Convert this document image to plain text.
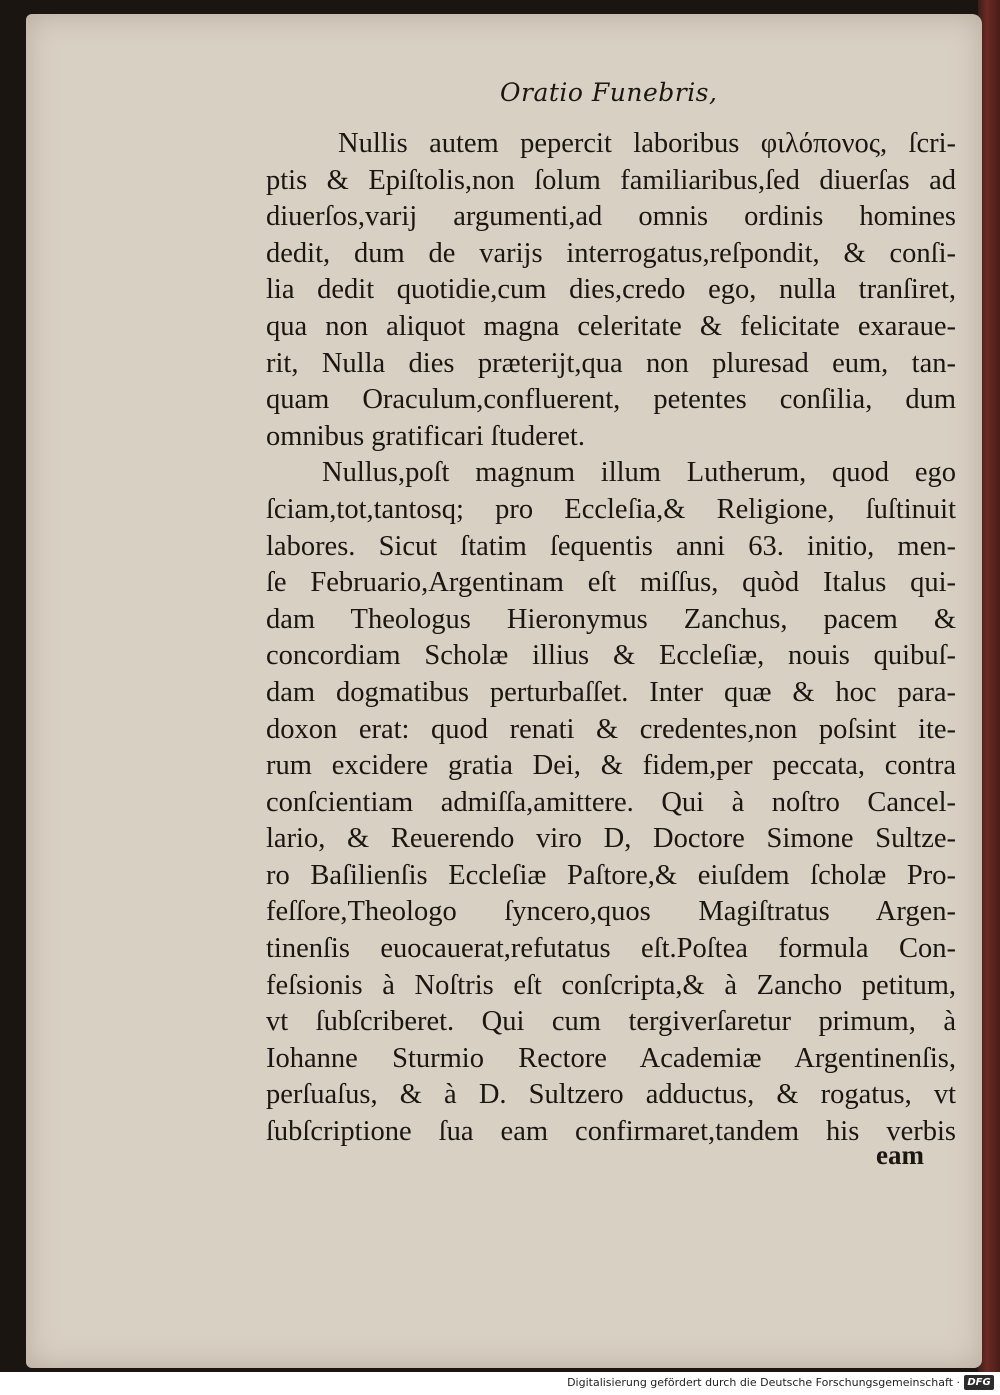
Oratio Funebris,
Nullis autem pepercit laboribus φιλόπονος, ſcri-
ptis & Epiſtolis,non ſolum familiaribus,ſed diuerſas ad
diuerſos,varij argumenti,ad omnis ordinis homines
dedit, dum de varijs interrogatus,reſpondit, & conſi-
lia dedit quotidie,cum dies,credo ego, nulla tranſiret,
qua non aliquot magna celeritate & felicitate exaraue-
rit, Nulla dies præterijt,qua non pluresad eum, tan-
quam Oraculum,confluerent, petentes conſilia, dum
omnibus gratificari ſtuderet.
Nullus,poſt magnum illum Lutherum, quod ego
ſciam,tot,tantosq; pro Eccleſia,& Religione, ſuſtinuit
labores. Sicut ſtatim ſequentis anni 63. initio, men-
ſe Februario,Argentinam eſt miſſus, quòd Italus qui-
dam Theologus Hieronymus Zanchus, pacem &
concordiam Scholæ illius & Eccleſiæ, nouis quibuſ-
dam dogmatibus perturbaſſet. Inter quæ & hoc para-
doxon erat: quod renati & credentes,non poſsint ite-
rum excidere gratia Dei, & fidem,per peccata, contra
conſcientiam admiſſa,amittere. Qui à noſtro Cancel-
lario, & Reuerendo viro D, Doctore Simone Sultze-
ro Baſilienſis Eccleſiæ Paſtore,& eiuſdem ſcholæ Pro-
feſſore,Theologo ſyncero,quos Magiſtratus Argen-
tinenſis euocauerat,refutatus eſt.Poſtea formula Con-
feſsionis à Noſtris eſt conſcripta,& à Zancho petitum,
vt ſubſcriberet. Qui cum tergiverſaretur primum, à
Iohanne Sturmio Rectore Academiæ Argentinenſis,
perſuaſus, & à D. Sultzero adductus, & rogatus, vt
ſubſcriptione ſua eam confirmaret,tandem his verbis
eam
Digitalisierung gefördert durch die Deutsche Forschungsgemeinschaft · DFG
